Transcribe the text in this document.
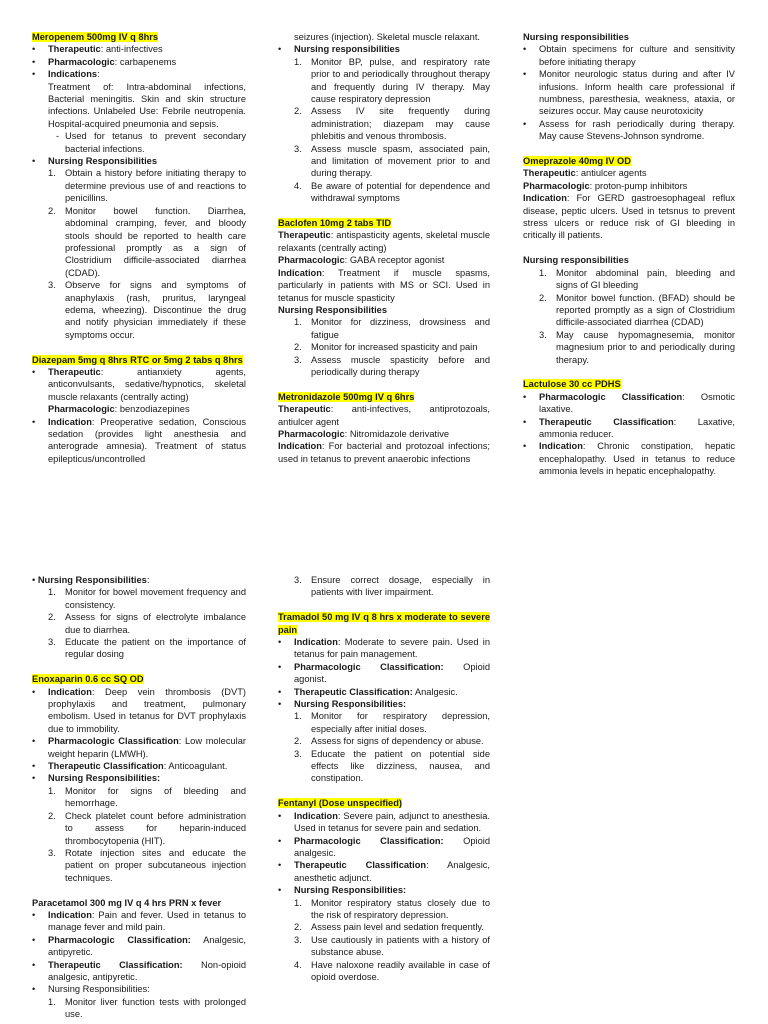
Meropenem 500mg IV q 8hrs
• Therapeutic: anti-infectives
• Pharmacologic: carbapenems
• Indications:
Treatment of: Intra-abdominal infections, Bacterial meningitis. Skin and skin structure infections. Unlabeled Use: Febrile neutropenia. Hospital-acquired pneumonia and sepsis.
- Used for tetanus to prevent secondary bacterial infections.
• Nursing Responsibilities
1. Obtain a history before initiating therapy to determine previous use of and reactions to penicillins.
2. Monitor bowel function. Diarrhea, abdominal cramping, fever, and bloody stools should be reported to health care professional promptly as a sign of Clostridium difficile-associated diarrhea (CDAD).
3. Observe for signs and symptoms of anaphylaxis (rash, pruritus, laryngeal edema, wheezing). Discontinue the drug and notify physician immediately if these symptoms occur.
Diazepam 5mg q 8hrs RTC or 5mg 2 tabs q 8hrs
• Therapeutic: antianxiety agents, anticonvulsants, sedative/hypnotics, skeletal muscle relaxants (centrally acting)
Pharmacologic: benzodiazepines
• Indication: Preoperative sedation, Conscious sedation (provides light anesthesia and anterograde amnesia). Treatment of status epilepticus/uncontrolled

seizures (injection). Skeletal muscle relaxant.

• Nursing responsibilities
1. Monitor BP, pulse, and respiratory rate prior to and periodically throughout therapy and frequently during IV therapy. May cause respiratory depression
2. Assess IV site frequently during administration; diazepam may cause phlebitis and venous thrombosis.
3. Assess muscle spasm, associated pain, and limitation of movement prior to and during therapy.
4. Be aware of potential for dependence and withdrawal symptoms
Baclofen 10mg 2 tabs TID

Therapeutic: antispasticity agents, skeletal muscle relaxants (centrally acting)

Pharmacologic: GABA receptor agonist

Indication: Treatment if muscle spasms, particularly in patients with MS or SCI. Used in tetanus for muscle spasticity

Nursing Responsibilities

1. Monitor for dizziness, drowsiness and fatigue
2. Monitor for increased spasticity and pain
3. Assess muscle spasticity before and periodically during therapy
Metronidazole 500mg IV q 6hrs

Therapeutic: anti-infectives, antiprotozoals, antiulcer agent

Pharmacologic: Nitromidazole derivative

Indication: For bacterial and protozoal infections; used in tetanus to prevent anaerobic infections

Nursing responsibilities

• Obtain specimens for culture and sensitivity before initiating therapy
• Monitor neurologic status during and after IV infusions. Inform health care professional if numbness, paresthesia, weakness, ataxia, or seizures occur. May cause neurotoxicity
• Assess for rash periodically during therapy. May cause Stevens-Johnson syndrome.
Omeprazole 40mg IV OD

Therapeutic: antiulcer agents

Pharmacologic: proton-pump inhibitors

Indication: For GERD gastroesophageal reflux disease, peptic ulcers. Used in tetsnus to prevent stress ulcers or reduce risk of GI bleeding in critically ill patients.

Nursing responsibilities

1. Monitor abdominal pain, bleeding and signs of GI bleeding
2. Monitor bowel function. (BFAD) should be reported promptly as a sign of Clostridium difficile-associated diarrhea (CDAD)
3. May cause hypomagnesemia, monitor magnesium prior to and periodically during therapy.
Lactulose 30 cc PDHS
• Pharmacologic Classification: Osmotic laxative.
• Therapeutic Classification: Laxative, ammonia reducer.
• Indication: Chronic constipation, hepatic encephalopathy. Used in tetanus to reduce ammonia levels in hepatic encephalopathy.

• Nursing Responsibilities:

1. Monitor for bowel movement frequency and consistency.
2. Assess for signs of electrolyte imbalance due to diarrhea.
3. Educate the patient on the importance of regular dosing
Enoxaparin 0.6 cc SQ OD
• Indication: Deep vein thrombosis (DVT) prophylaxis and treatment, pulmonary embolism. Used in tetanus for DVT prophylaxis due to immobility.
• Pharmacologic Classification: Low molecular weight heparin (LMWH).
• Therapeutic Classification: Anticoagulant.
• Nursing Responsibilities:
1. Monitor for signs of bleeding and hemorrhage.
2. Check platelet count before administration to assess for heparin-induced thrombocytopenia (HIT).
3. Rotate injection sites and educate the patient on proper subcutaneous injection techniques.
Paracetamol 300 mg IV q 4 hrs PRN x fever
• Indication: Pain and fever. Used in tetanus to manage fever and mild pain.
• Pharmacologic Classification: Analgesic, antipyretic.
• Therapeutic Classification: Non-opioid analgesic, antipyretic.
• Nursing Responsibilities:
1. Monitor liver function tests with prolonged use.
3. Ensure correct dosage, especially in patients with liver impairment.
Tramadol 50 mg IV q 8 hrs x moderate to severe pain
• Indication: Moderate to severe pain. Used in tetanus for pain management.
• Pharmacologic Classification: Opioid agonist.
• Therapeutic Classification: Analgesic.
• Nursing Responsibilities:
1. Monitor for respiratory depression, especially after initial doses.
2. Assess for signs of dependency or abuse.
3. Educate the patient on potential side effects like dizziness, nausea, and constipation.
Fentanyl (Dose unspecified)
• Indication: Severe pain, adjunct to anesthesia. Used in tetanus for severe pain and sedation.
• Pharmacologic Classification: Opioid analgesic.
• Therapeutic Classification: Analgesic, anesthetic adjunct.
• Nursing Responsibilities:
1. Monitor respiratory status closely due to the risk of respiratory depression.
2. Assess pain level and sedation frequently.
3. Use cautiously in patients with a history of substance abuse.
4. Have naloxone readily available in case of opioid overdose.
